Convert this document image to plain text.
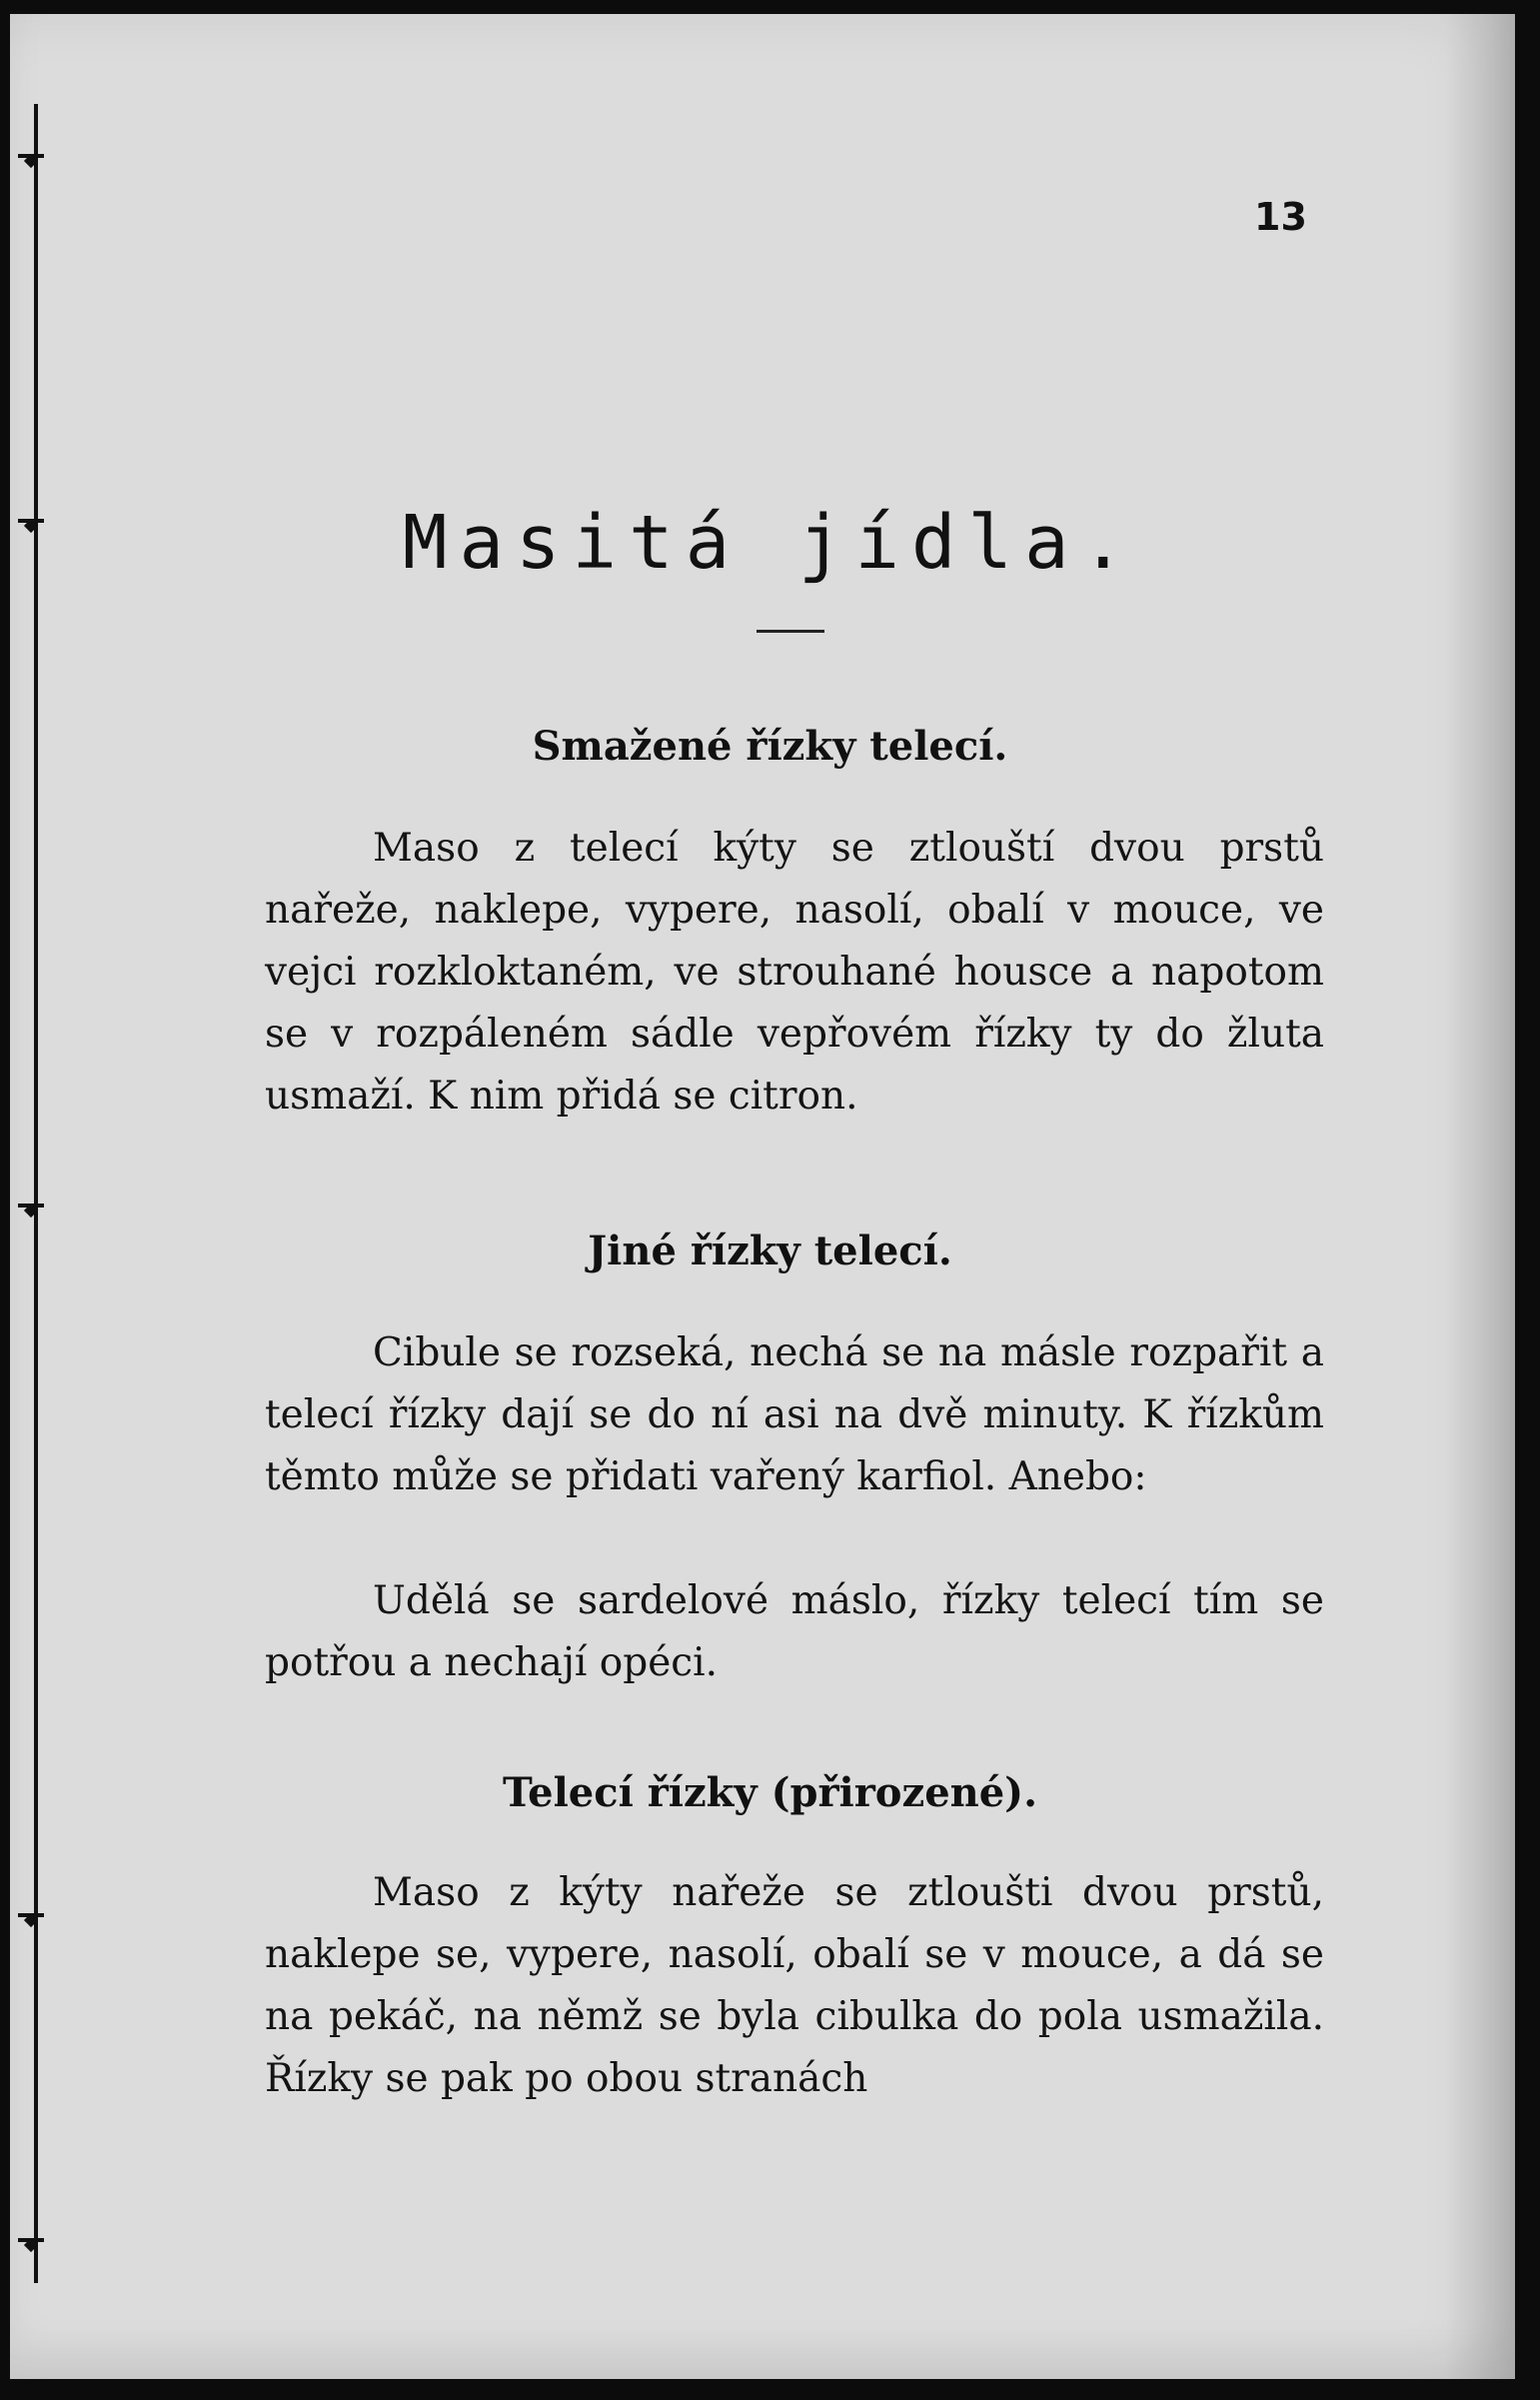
13
Masitá jídla.
Smažené řízky telecí.

Maso z telecí kýty se ztlouští dvou prstů nařeže, naklepe, vypere, nasolí, obalí v mouce, ve vejci rozkloktaném, ve strouhané housce a napotom se v rozpáleném sádle vepřovém řízky ty do žluta usmaží. K nim přidá se citron.

Jiné řízky telecí.

Cibule se rozseká, nechá se na másle rozpařit a telecí řízky dají se do ní asi na dvě minuty. K řízkům těmto může se přidati vařený karfiol. Anebo:

Udělá se sardelové máslo, řízky telecí tím se potřou a nechají opéci.

Telecí řízky (přirozené).

Maso z kýty nařeže se ztloušti dvou prstů, naklepe se, vypere, nasolí, obalí se v mouce, a dá se na pekáč, na němž se byla cibulka do pola usmažila. Řízky se pak po obou stranách
